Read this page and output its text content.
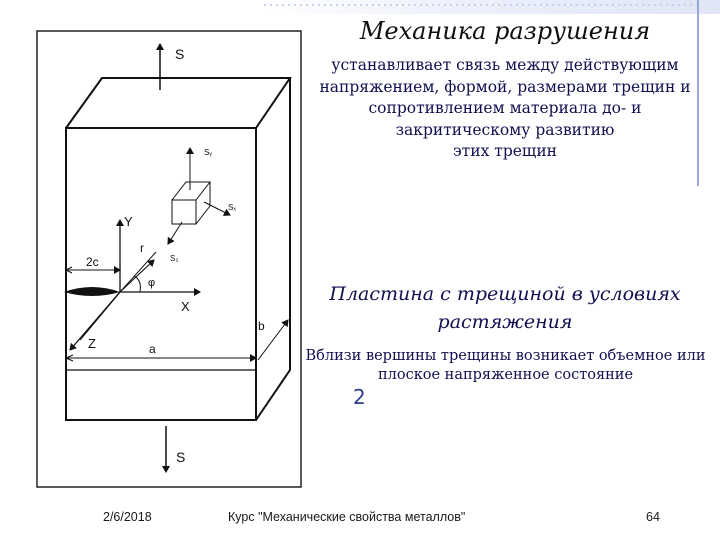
S
S
Sᵧ
Sₓ
S₂
Y
X
Z
r
φ
2c
a
b
Механика разрушения

устанавливает связь между действующим
напряжением, формой, размерами трещин и
сопротивлением материала до- и
закритическому развитию
этих трещин

Пластина с трещиной в условиях
растяжения

Вблизи вершины трещины возникает объемное или
плоское напряженное состояние

2
2/6/2018	Курс "Механические свойства металлов"	64
